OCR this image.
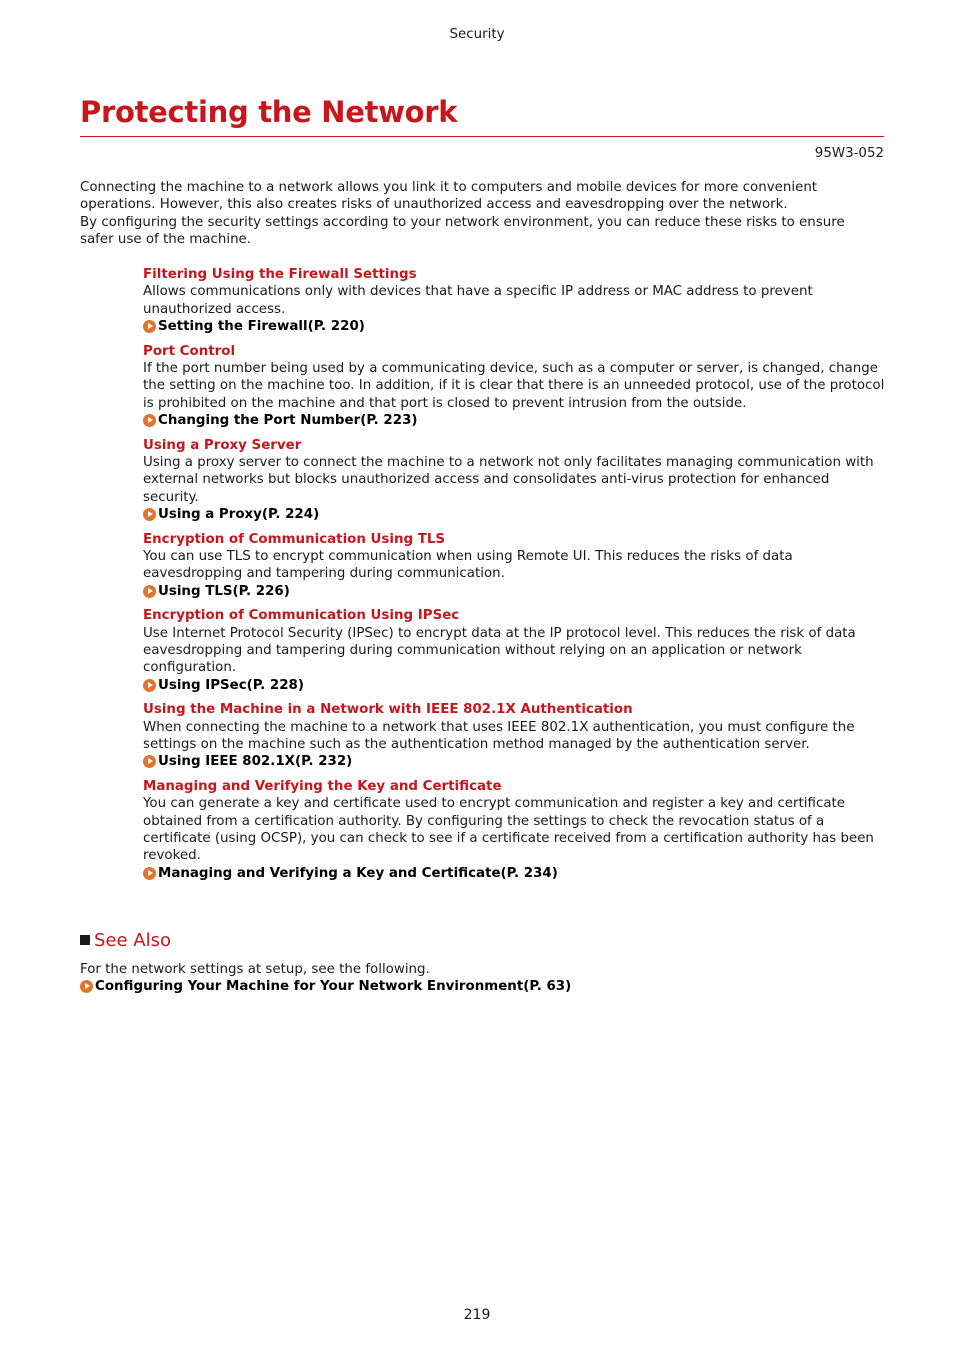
Security
Protecting the Network
95W3-052

Connecting the machine to a network allows you link it to computers and mobile devices for more convenient operations. However, this also creates risks of unauthorized access and eavesdropping over the network.

By configuring the security settings according to your network environment, you can reduce these risks to ensure safer use of the machine.

Filtering Using the Firewall Settings

Allows communications only with devices that have a specific IP address or MAC address to prevent unauthorized access.

Setting the Firewall(P. 220)

Port Control

If the port number being used by a communicating device, such as a computer or server, is changed, change the setting on the machine too. In addition, if it is clear that there is an unneeded protocol, use of the protocol is prohibited on the machine and that port is closed to prevent intrusion from the outside.

Changing the Port Number(P. 223)

Using a Proxy Server

Using a proxy server to connect the machine to a network not only facilitates managing communication with external networks but blocks unauthorized access and consolidates anti-virus protection for enhanced security.

Using a Proxy(P. 224)

Encryption of Communication Using TLS

You can use TLS to encrypt communication when using Remote UI. This reduces the risks of data eavesdropping and tampering during communication.

Using TLS(P. 226)

Encryption of Communication Using IPSec

Use Internet Protocol Security (IPSec) to encrypt data at the IP protocol level. This reduces the risk of data eavesdropping and tampering during communication without relying on an application or network configuration.

Using IPSec(P. 228)

Using the Machine in a Network with IEEE 802.1X Authentication

When connecting the machine to a network that uses IEEE 802.1X authentication, you must configure the settings on the machine such as the authentication method managed by the authentication server.

Using IEEE 802.1X(P. 232)

Managing and Verifying the Key and Certificate

You can generate a key and certificate used to encrypt communication and register a key and certificate obtained from a certification authority. By configuring the settings to check the revocation status of a certificate (using OCSP), you can check to see if a certificate received from a certification authority has been revoked.

Managing and Verifying a Key and Certificate(P. 234)

See Also

For the network settings at setup, see the following.

Configuring Your Machine for Your Network Environment(P. 63)

219
